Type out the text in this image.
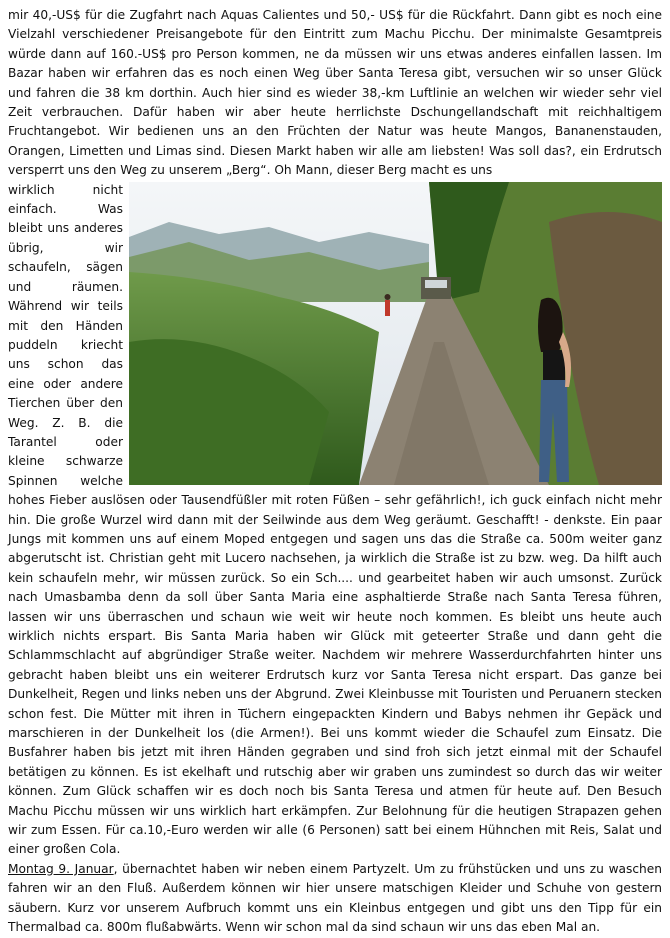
mir 40,-US$ für die Zugfahrt nach Aquas Calientes und 50,- US$ für die Rückfahrt. Dann gibt es noch eine Vielzahl verschiedener Preisangebote für den Eintritt zum Machu Picchu. Der minimalste Gesamtpreis würde dann auf 160.-US$ pro Person kommen, ne da müssen wir uns etwas anderes einfallen lassen. Im Bazar haben wir erfahren das es noch einen Weg über Santa Teresa gibt, versuchen wir so unser Glück und fahren die 38 km dorthin. Auch hier sind es wieder 38,-km Luftlinie an welchen wir wieder sehr viel Zeit verbrauchen. Dafür haben wir aber heute herrlichste Dschungellandschaft mit reichhaltigem Fruchtangebot. Wir bedienen uns an den Früchten der Natur was heute Mangos, Bananenstauden, Orangen, Limetten und Limas sind. Diesen Markt haben wir alle am liebsten! Was soll das?, ein Erdrutsch versperrt uns den Weg zu unserem „Berg“. Oh Mann, dieser Berg macht es uns

wirklich nicht einfach. Was bleibt uns anderes übrig, wir schaufeln, sägen und räumen. Während wir teils mit den Händen puddeln kriecht uns schon das eine oder andere Tierchen über den Weg. Z. B. die Tarantel oder kleine schwarze Spinnen welche hohes Fieber auslösen oder Tausendfüßler mit roten Füßen – sehr gefährlich!, ich guck einfach nicht mehr hin. Die große Wurzel wird dann mit der Seilwinde aus dem Weg geräumt. Geschafft! - denkste. Ein paar Jungs mit kommen uns auf einem Moped entgegen und sagen uns das die Straße ca. 500m weiter ganz abgerutscht ist. Christian geht mit Lucero nachsehen, ja wirklich die Straße ist zu bzw. weg. Da hilft auch kein schaufeln mehr, wir müssen zurück. So ein Sch.... und gearbeitet haben wir auch umsonst. Zurück nach Umasbamba denn da soll über Santa Maria eine asphaltierde Straße nach Santa Teresa führen, lassen wir uns überraschen und schaun wie weit wir heute noch kommen. Es bleibt uns heute auch wirklich nichts erspart. Bis Santa Maria haben wir Glück mit geteerter Straße und dann geht die Schlammschlacht auf abgründiger Straße weiter. Nachdem wir mehrere Wasserdurchfahrten hinter uns gebracht haben bleibt uns ein weiterer Erdrutsch kurz vor Santa Teresa nicht erspart. Das ganze bei Dunkelheit, Regen und links neben uns der Abgrund. Zwei Kleinbusse mit Touristen und Peruanern stecken schon fest. Die Mütter mit ihren in Tüchern eingepackten Kindern und Babys nehmen ihr Gepäck und marschieren in der Dunkelheit los (die Armen!). Bei uns kommt wieder die Schaufel zum Einsatz. Die Busfahrer haben bis jetzt mit ihren Händen gegraben und sind froh sich jetzt einmal mit der Schaufel betätigen zu können. Es ist ekelhaft und rutschig aber wir graben uns zumindest so durch das wir weiter können. Zum Glück schaffen wir es doch noch bis Santa Teresa und atmen für heute auf. Den Besuch Machu Picchu müssen wir uns wirklich hart erkämpfen. Zur Belohnung für die heutigen Strapazen gehen wir zum Essen. Für ca.10,-Euro werden wir alle (6 Personen) satt bei einem Hühnchen mit Reis, Salat und einer großen Cola.

Montag 9. Januar, übernachtet haben wir neben einem Partyzelt. Um zu frühstücken und uns zu waschen fahren wir an den Fluß. Außerdem können wir hier unsere matschigen Kleider und Schuhe von gestern säubern. Kurz vor unserem Aufbruch kommt uns ein Kleinbus entgegen und gibt uns den Tipp für ein Thermalbad ca. 800m flußabwärts. Wenn wir schon mal da sind schaun wir uns das eben Mal an.
